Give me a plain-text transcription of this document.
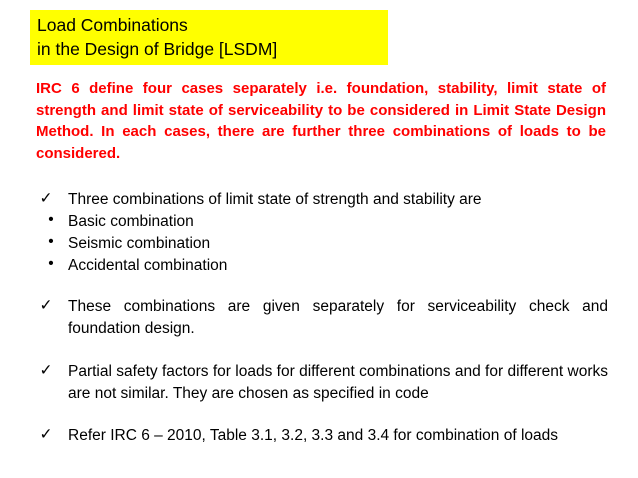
Load Combinations
in the Design of Bridge [LSDM]
IRC 6 define four cases separately i.e. foundation, stability, limit state of strength and limit state of serviceability to be considered in Limit State Design Method. In each cases, there are further three combinations of loads to be considered.
✓ Three combinations of limit state of strength and stability are
• Basic combination
• Seismic combination
• Accidental combination
✓ These combinations are given separately for serviceability check and foundation design.
✓ Partial safety factors for loads for different combinations and for different works are not similar. They are chosen as specified in code
✓ Refer IRC 6 – 2010, Table 3.1, 3.2, 3.3 and 3.4 for combination of loads
